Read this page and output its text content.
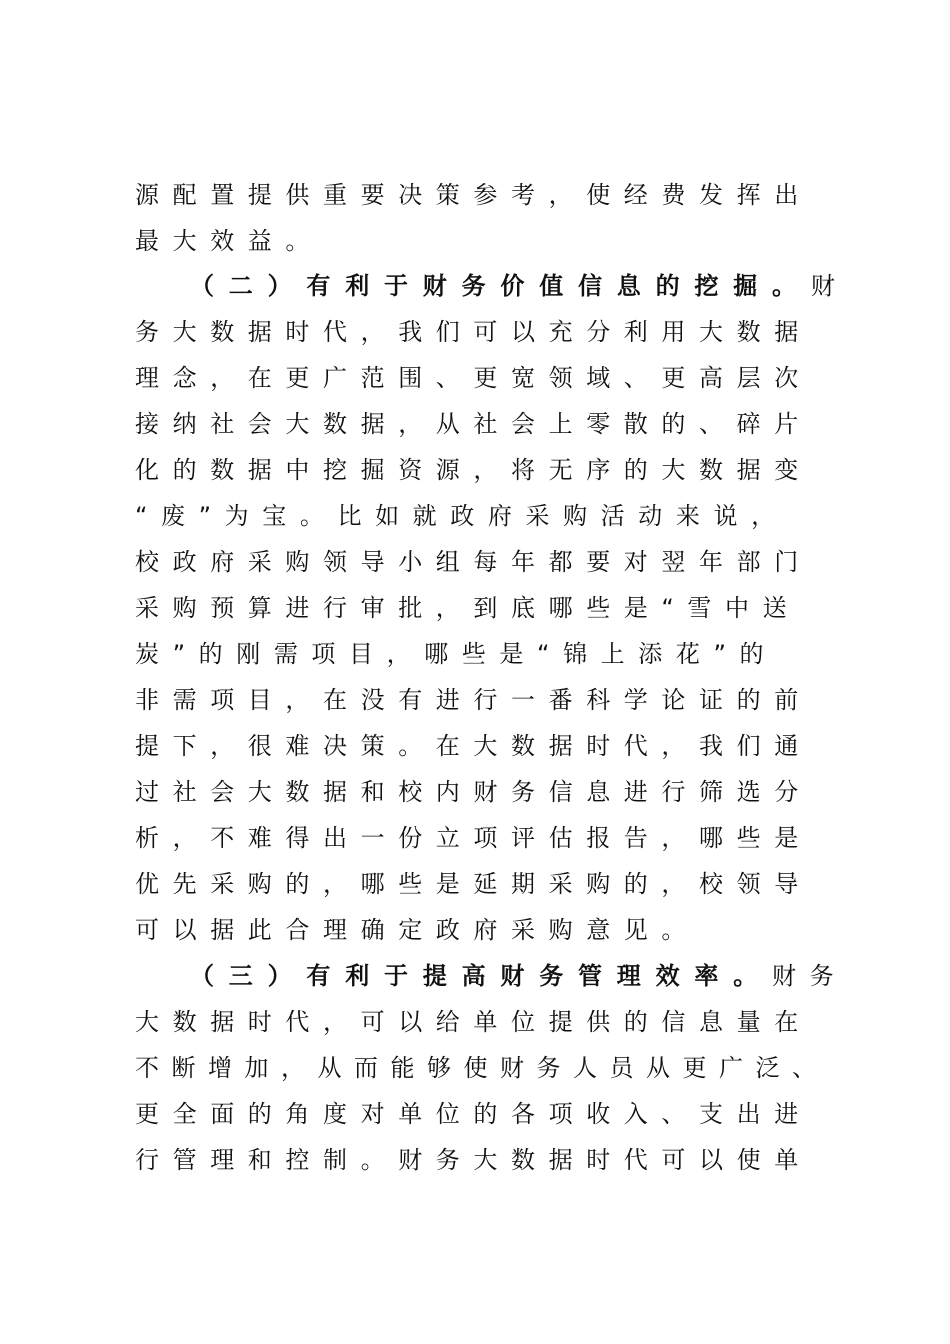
源配置提供重要决策参考，使经费发挥出
最大效益。
（二）有利于财务价值信息的挖掘。财
务大数据时代，我们可以充分利用大数据
理念，在更广范围、更宽领域、更高层次
接纳社会大数据，从社会上零散的、碎片
化的数据中挖掘资源，将无序的大数据变
“废”为宝。比如就政府采购活动来说，
校政府采购领导小组每年都要对翌年部门
采购预算进行审批，到底哪些是“雪中送
炭”的刚需项目，哪些是“锦上添花”的
非需项目，在没有进行一番科学论证的前
提下，很难决策。在大数据时代，我们通
过社会大数据和校内财务信息进行筛选分
析，不难得出一份立项评估报告，哪些是
优先采购的，哪些是延期采购的，校领导
可以据此合理确定政府采购意见。
（三）有利于提高财务管理效率。财务
大数据时代，可以给单位提供的信息量在
不断增加，从而能够使财务人员从更广泛、
更全面的角度对单位的各项收入、支出进
行管理和控制。财务大数据时代可以使单
